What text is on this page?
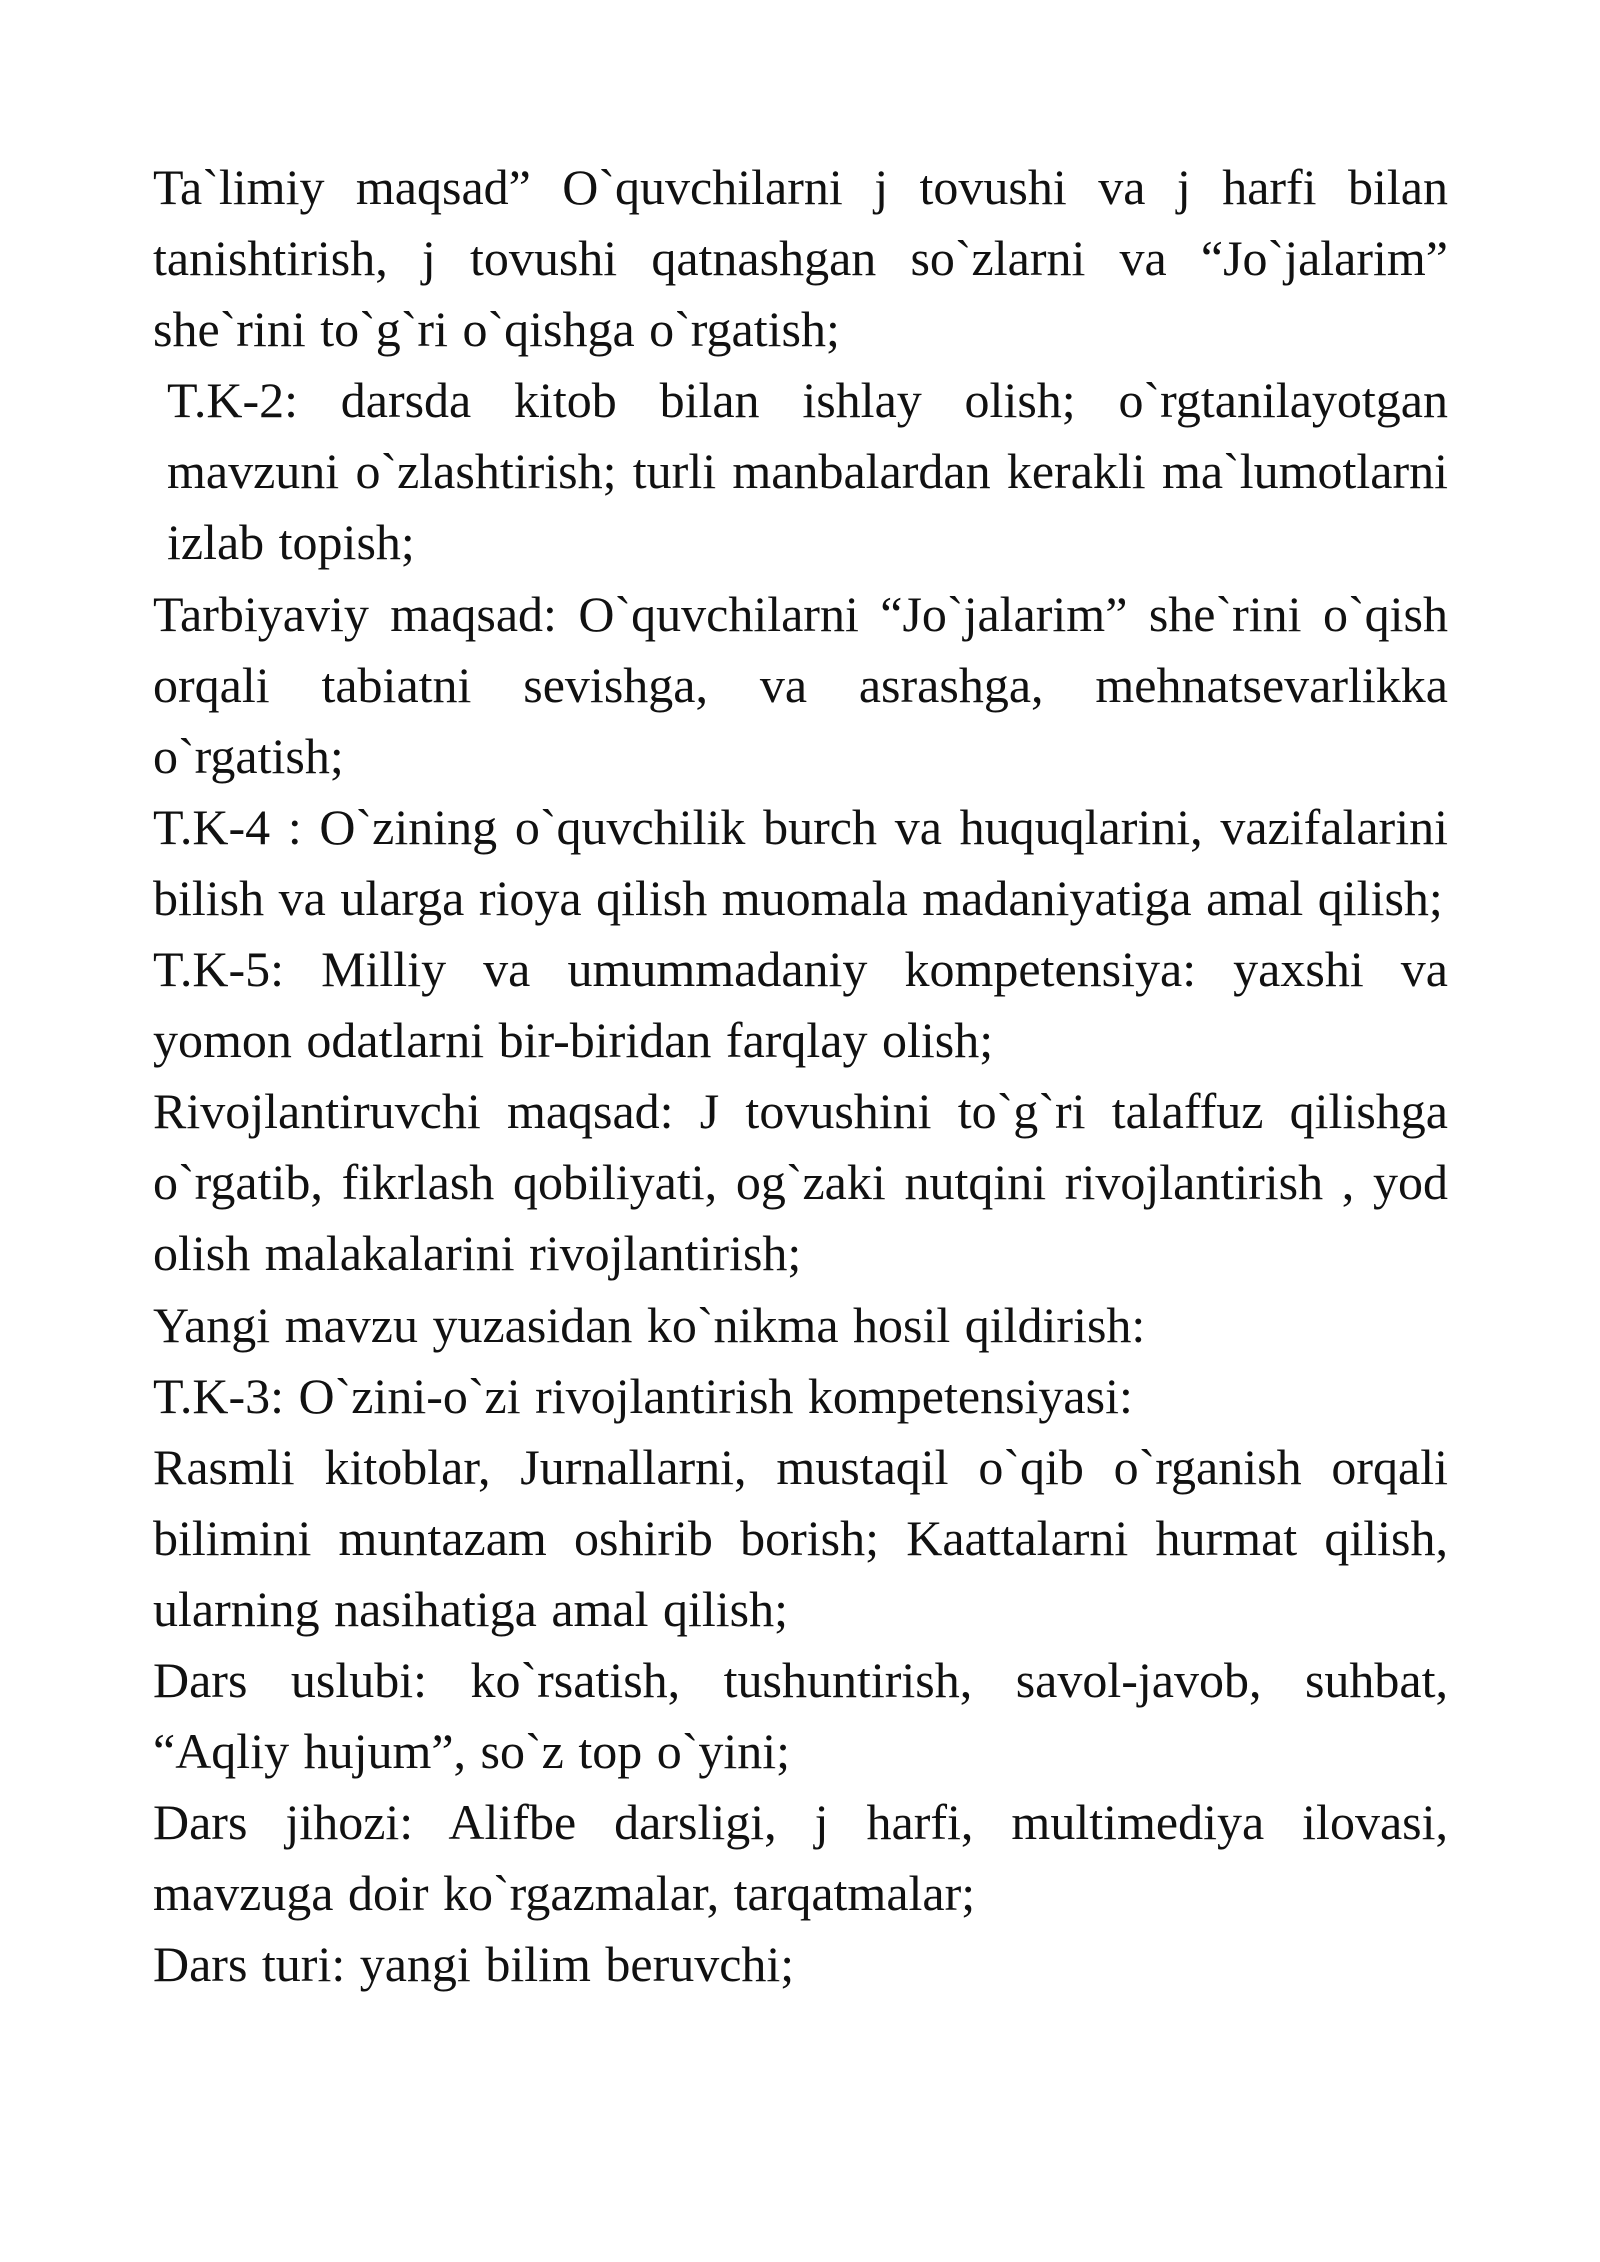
Ta`limiy maqsad” O`quvchilarni j tovushi va j harfi bilan tanishtirish, j tovushi qatnashgan so`zlarni va “Jo`jalarim” she`rini to`g`ri o`qishga o`rgatish;

T.K-2: darsda kitob bilan ishlay olish; o`rgtanilayotgan mavzuni o`zlashtirish; turli manbalardan kerakli ma`lumotlarni izlab topish;

Tarbiyaviy maqsad: O`quvchilarni “Jo`jalarim” she`rini o`qish orqali tabiatni sevishga, va asrashga, mehnatsevarlikka o`rgatish;

T.K-4 : O`zining o`quvchilik burch va huquqlarini, vazifalarini bilish va ularga rioya qilish muomala madaniyatiga amal qilish;

T.K-5: Milliy va umummadaniy kompetensiya: yaxshi va yomon odatlarni bir-biridan farqlay olish;

Rivojlantiruvchi maqsad: J tovushini to`g`ri talaffuz qilishga o`rgatib, fikrlash qobiliyati, og`zaki nutqini rivojlantirish , yod olish malakalarini rivojlantirish;

Yangi mavzu yuzasidan ko`nikma hosil qildirish:

T.K-3: O`zini-o`zi rivojlantirish kompetensiyasi:

Rasmli kitoblar, Jurnallarni, mustaqil o`qib o`rganish orqali bilimini muntazam oshirib borish; Kaattalarni hurmat qilish, ularning nasihatiga amal qilish;

Dars uslubi: ko`rsatish, tushuntirish, savol-javob, suhbat, “Aqliy hujum”, so`z top o`yini;

Dars jihozi: Alifbe darsligi, j harfi, multimediya ilovasi, mavzuga doir ko`rgazmalar, tarqatmalar;

Dars turi: yangi bilim beruvchi;
